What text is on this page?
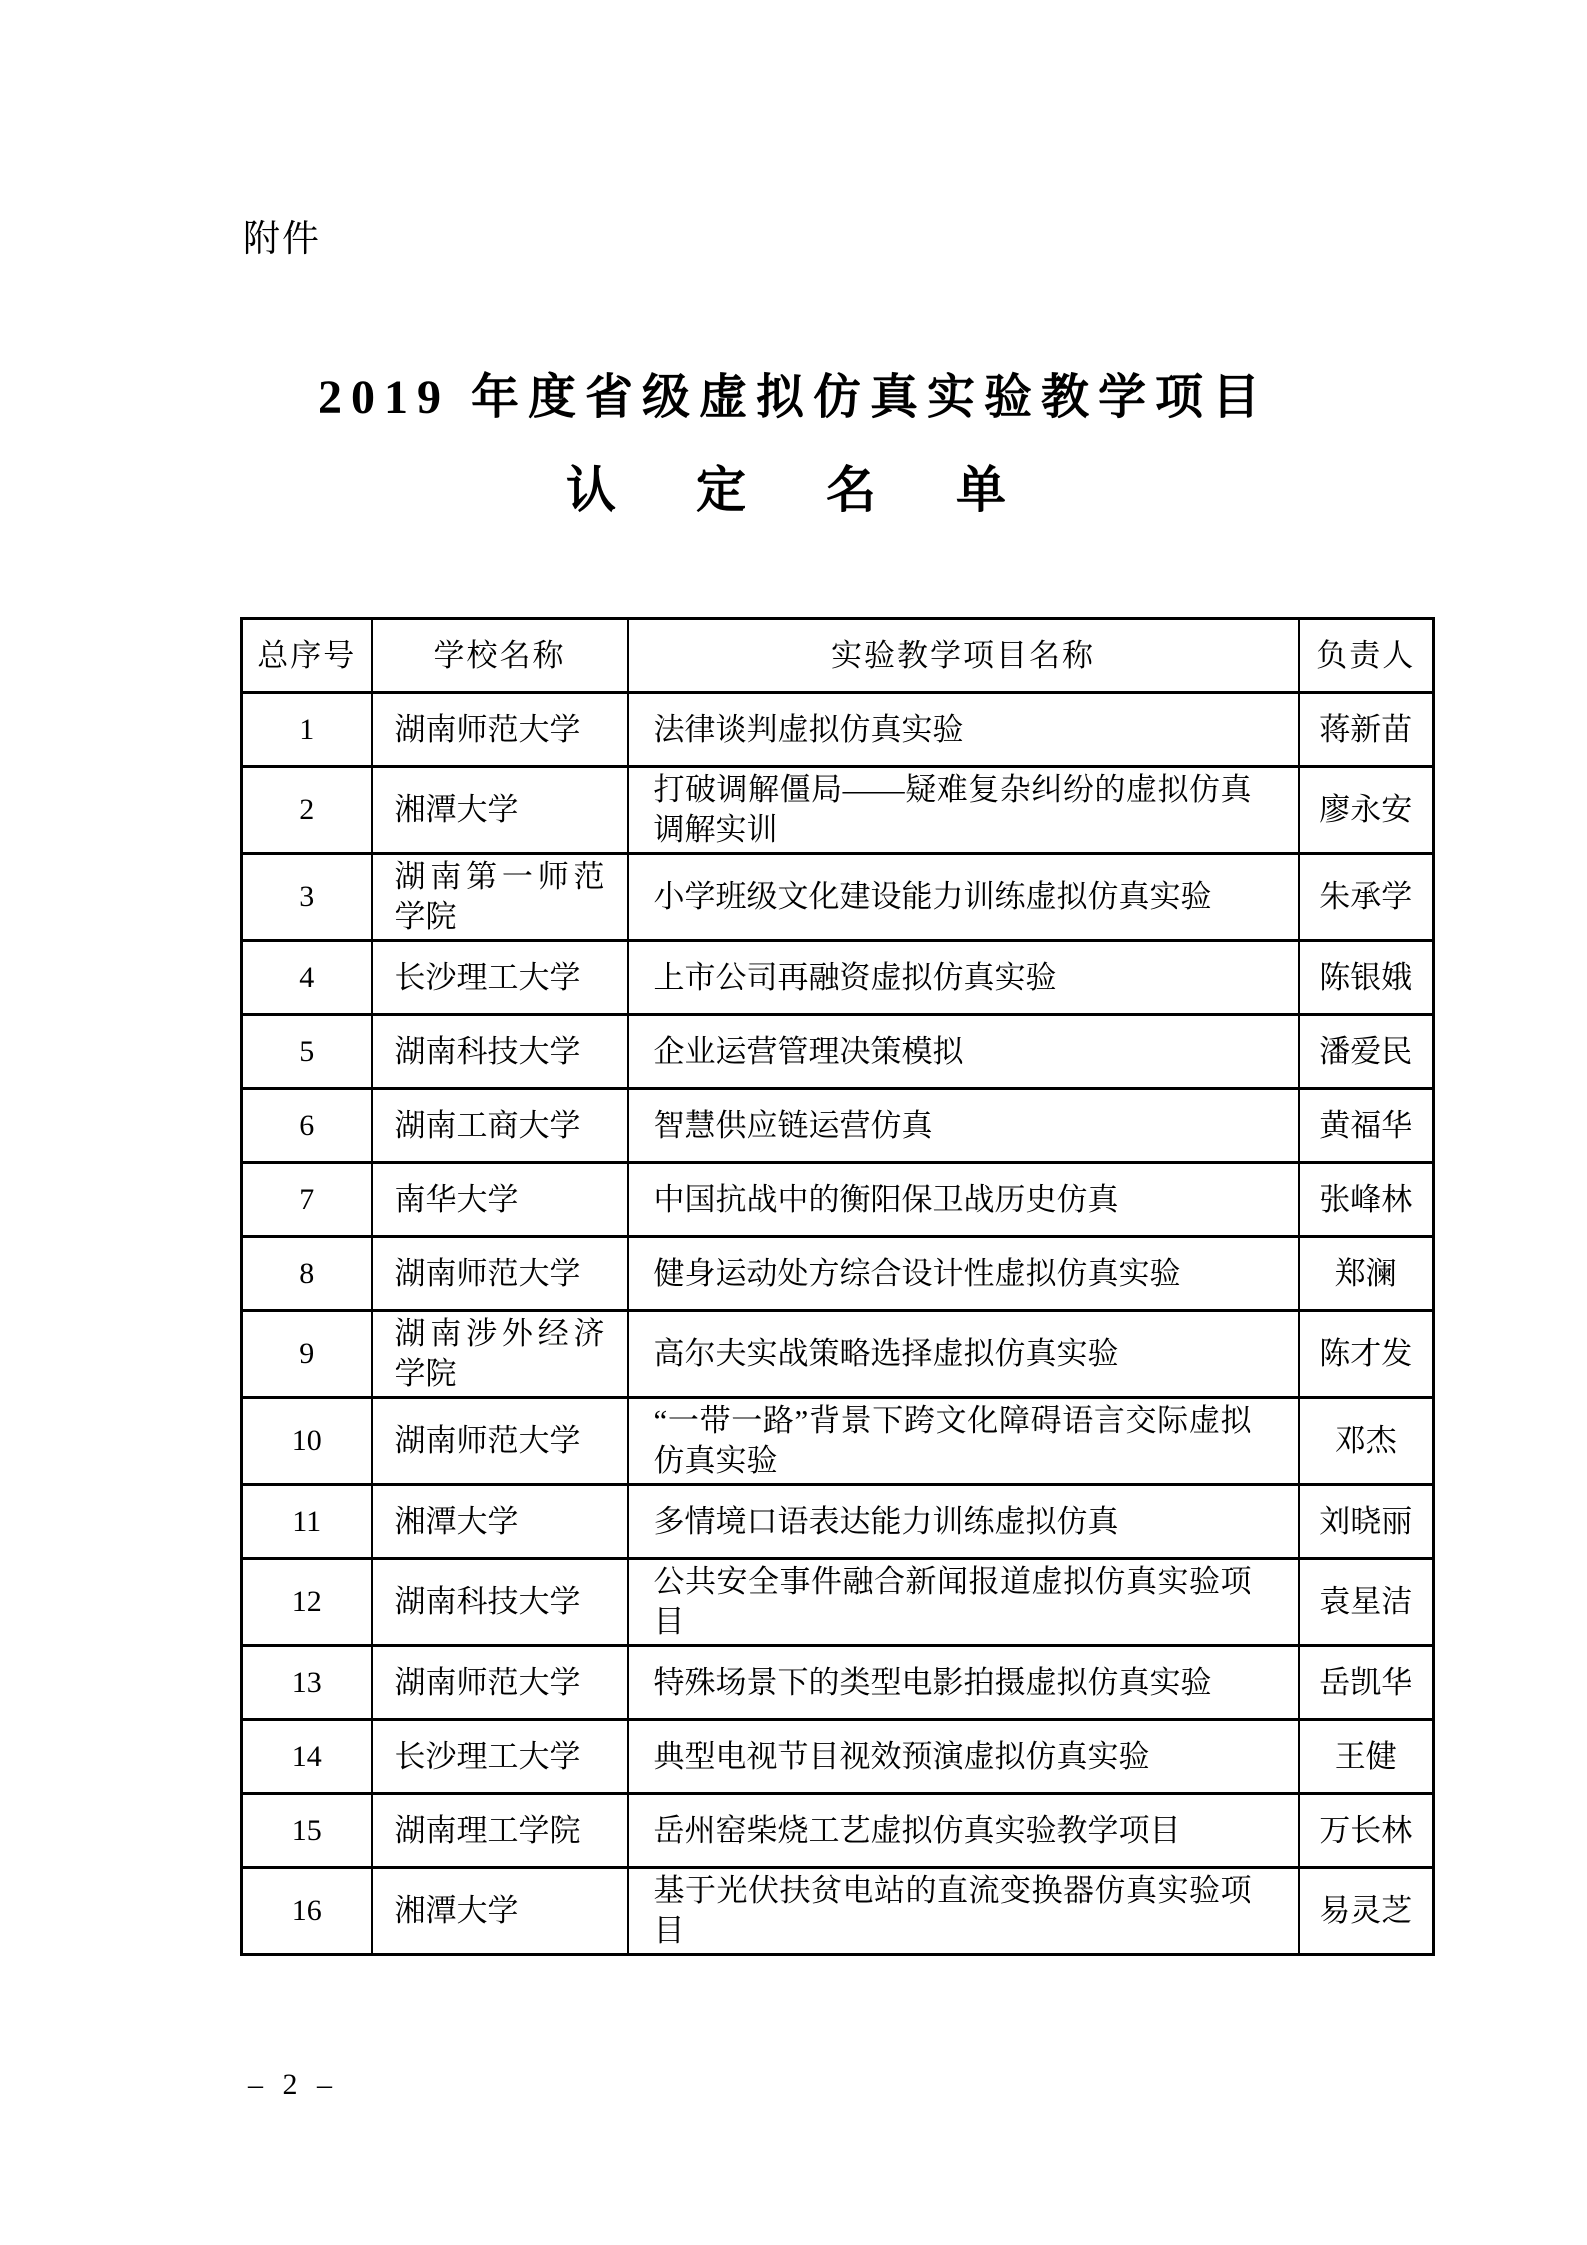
附件
2019 年度省级虚拟仿真实验教学项目
认　定　名　单
总序号	学校名称	实验教学项目名称	负责人
1	湖南师范大学	法律谈判虚拟仿真实验	蒋新苗
2	湘潭大学	打破调解僵局——疑难复杂纠纷的虚拟仿真调解实训	廖永安
3	湖南第一师范学院	小学班级文化建设能力训练虚拟仿真实验	朱承学
4	长沙理工大学	上市公司再融资虚拟仿真实验	陈银娥
5	湖南科技大学	企业运营管理决策模拟	潘爱民
6	湖南工商大学	智慧供应链运营仿真	黄福华
7	南华大学	中国抗战中的衡阳保卫战历史仿真	张峰林
8	湖南师范大学	健身运动处方综合设计性虚拟仿真实验	郑澜
9	湖南涉外经济学院	高尔夫实战策略选择虚拟仿真实验	陈才发
10	湖南师范大学	“一带一路”背景下跨文化障碍语言交际虚拟仿真实验	邓杰
11	湘潭大学	多情境口语表达能力训练虚拟仿真	刘晓丽
12	湖南科技大学	公共安全事件融合新闻报道虚拟仿真实验项目	袁星洁
13	湖南师范大学	特殊场景下的类型电影拍摄虚拟仿真实验	岳凯华
14	长沙理工大学	典型电视节目视效预演虚拟仿真实验	王健
15	湖南理工学院	岳州窑柴烧工艺虚拟仿真实验教学项目	万长林
16	湘潭大学	基于光伏扶贫电站的直流变换器仿真实验项目	易灵芝
– 2 –
